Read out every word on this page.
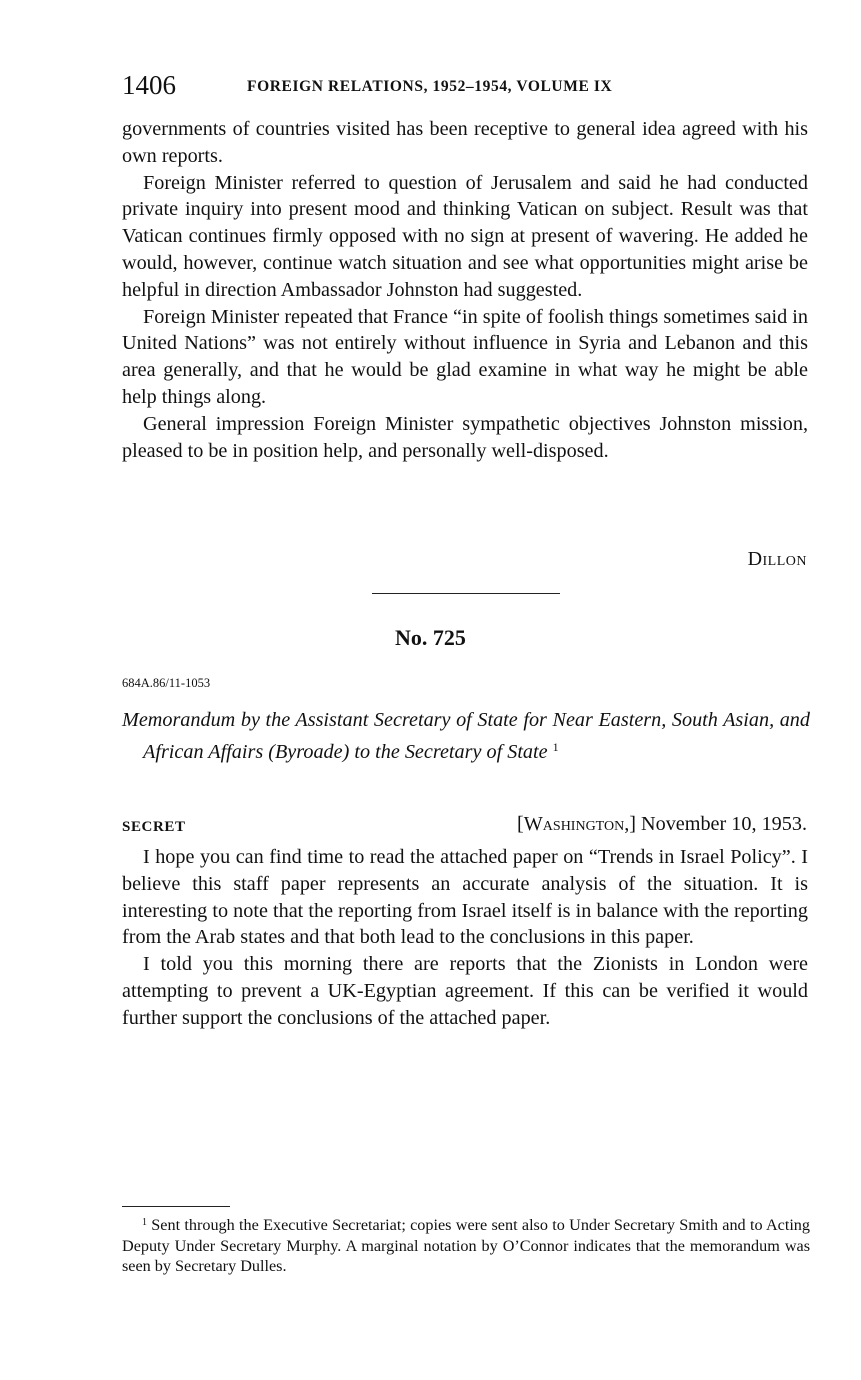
1406	FOREIGN RELATIONS, 1952–1954, VOLUME IX

governments of countries visited has been receptive to general idea agreed with his own reports.

Foreign Minister referred to question of Jerusalem and said he had conducted private inquiry into present mood and thinking Vatican on subject. Result was that Vatican continues firmly opposed with no sign at present of wavering. He added he would, however, continue watch situation and see what opportunities might arise be helpful in direction Ambassador Johnston had suggested.

Foreign Minister repeated that France “in spite of foolish things sometimes said in United Nations” was not entirely without influence in Syria and Lebanon and this area generally, and that he would be glad examine in what way he might be able help things along.

General impression Foreign Minister sympathetic objectives Johnston mission, pleased to be in position help, and personally well-disposed.

Dillon
No. 725
684A.86/11-1053
Memorandum by the Assistant Secretary of State for Near Eastern, South Asian, and African Affairs (Byroade) to the Secretary of State $^1$
SECRET	[Washington,] November 10, 1953.

I hope you can find time to read the attached paper on “Trends in Israel Policy”. I believe this staff paper represents an accurate analysis of the situation. It is interesting to note that the reporting from Israel itself is in balance with the reporting from the Arab states and that both lead to the conclusions in this paper.

I told you this morning there are reports that the Zionists in London were attempting to prevent a UK-Egyptian agreement. If this can be verified it would further support the conclusions of the attached paper.

$^1$ Sent through the Executive Secretariat; copies were sent also to Under Secretary Smith and to Acting Deputy Under Secretary Murphy. A marginal notation by O’Connor indicates that the memorandum was seen by Secretary Dulles.
